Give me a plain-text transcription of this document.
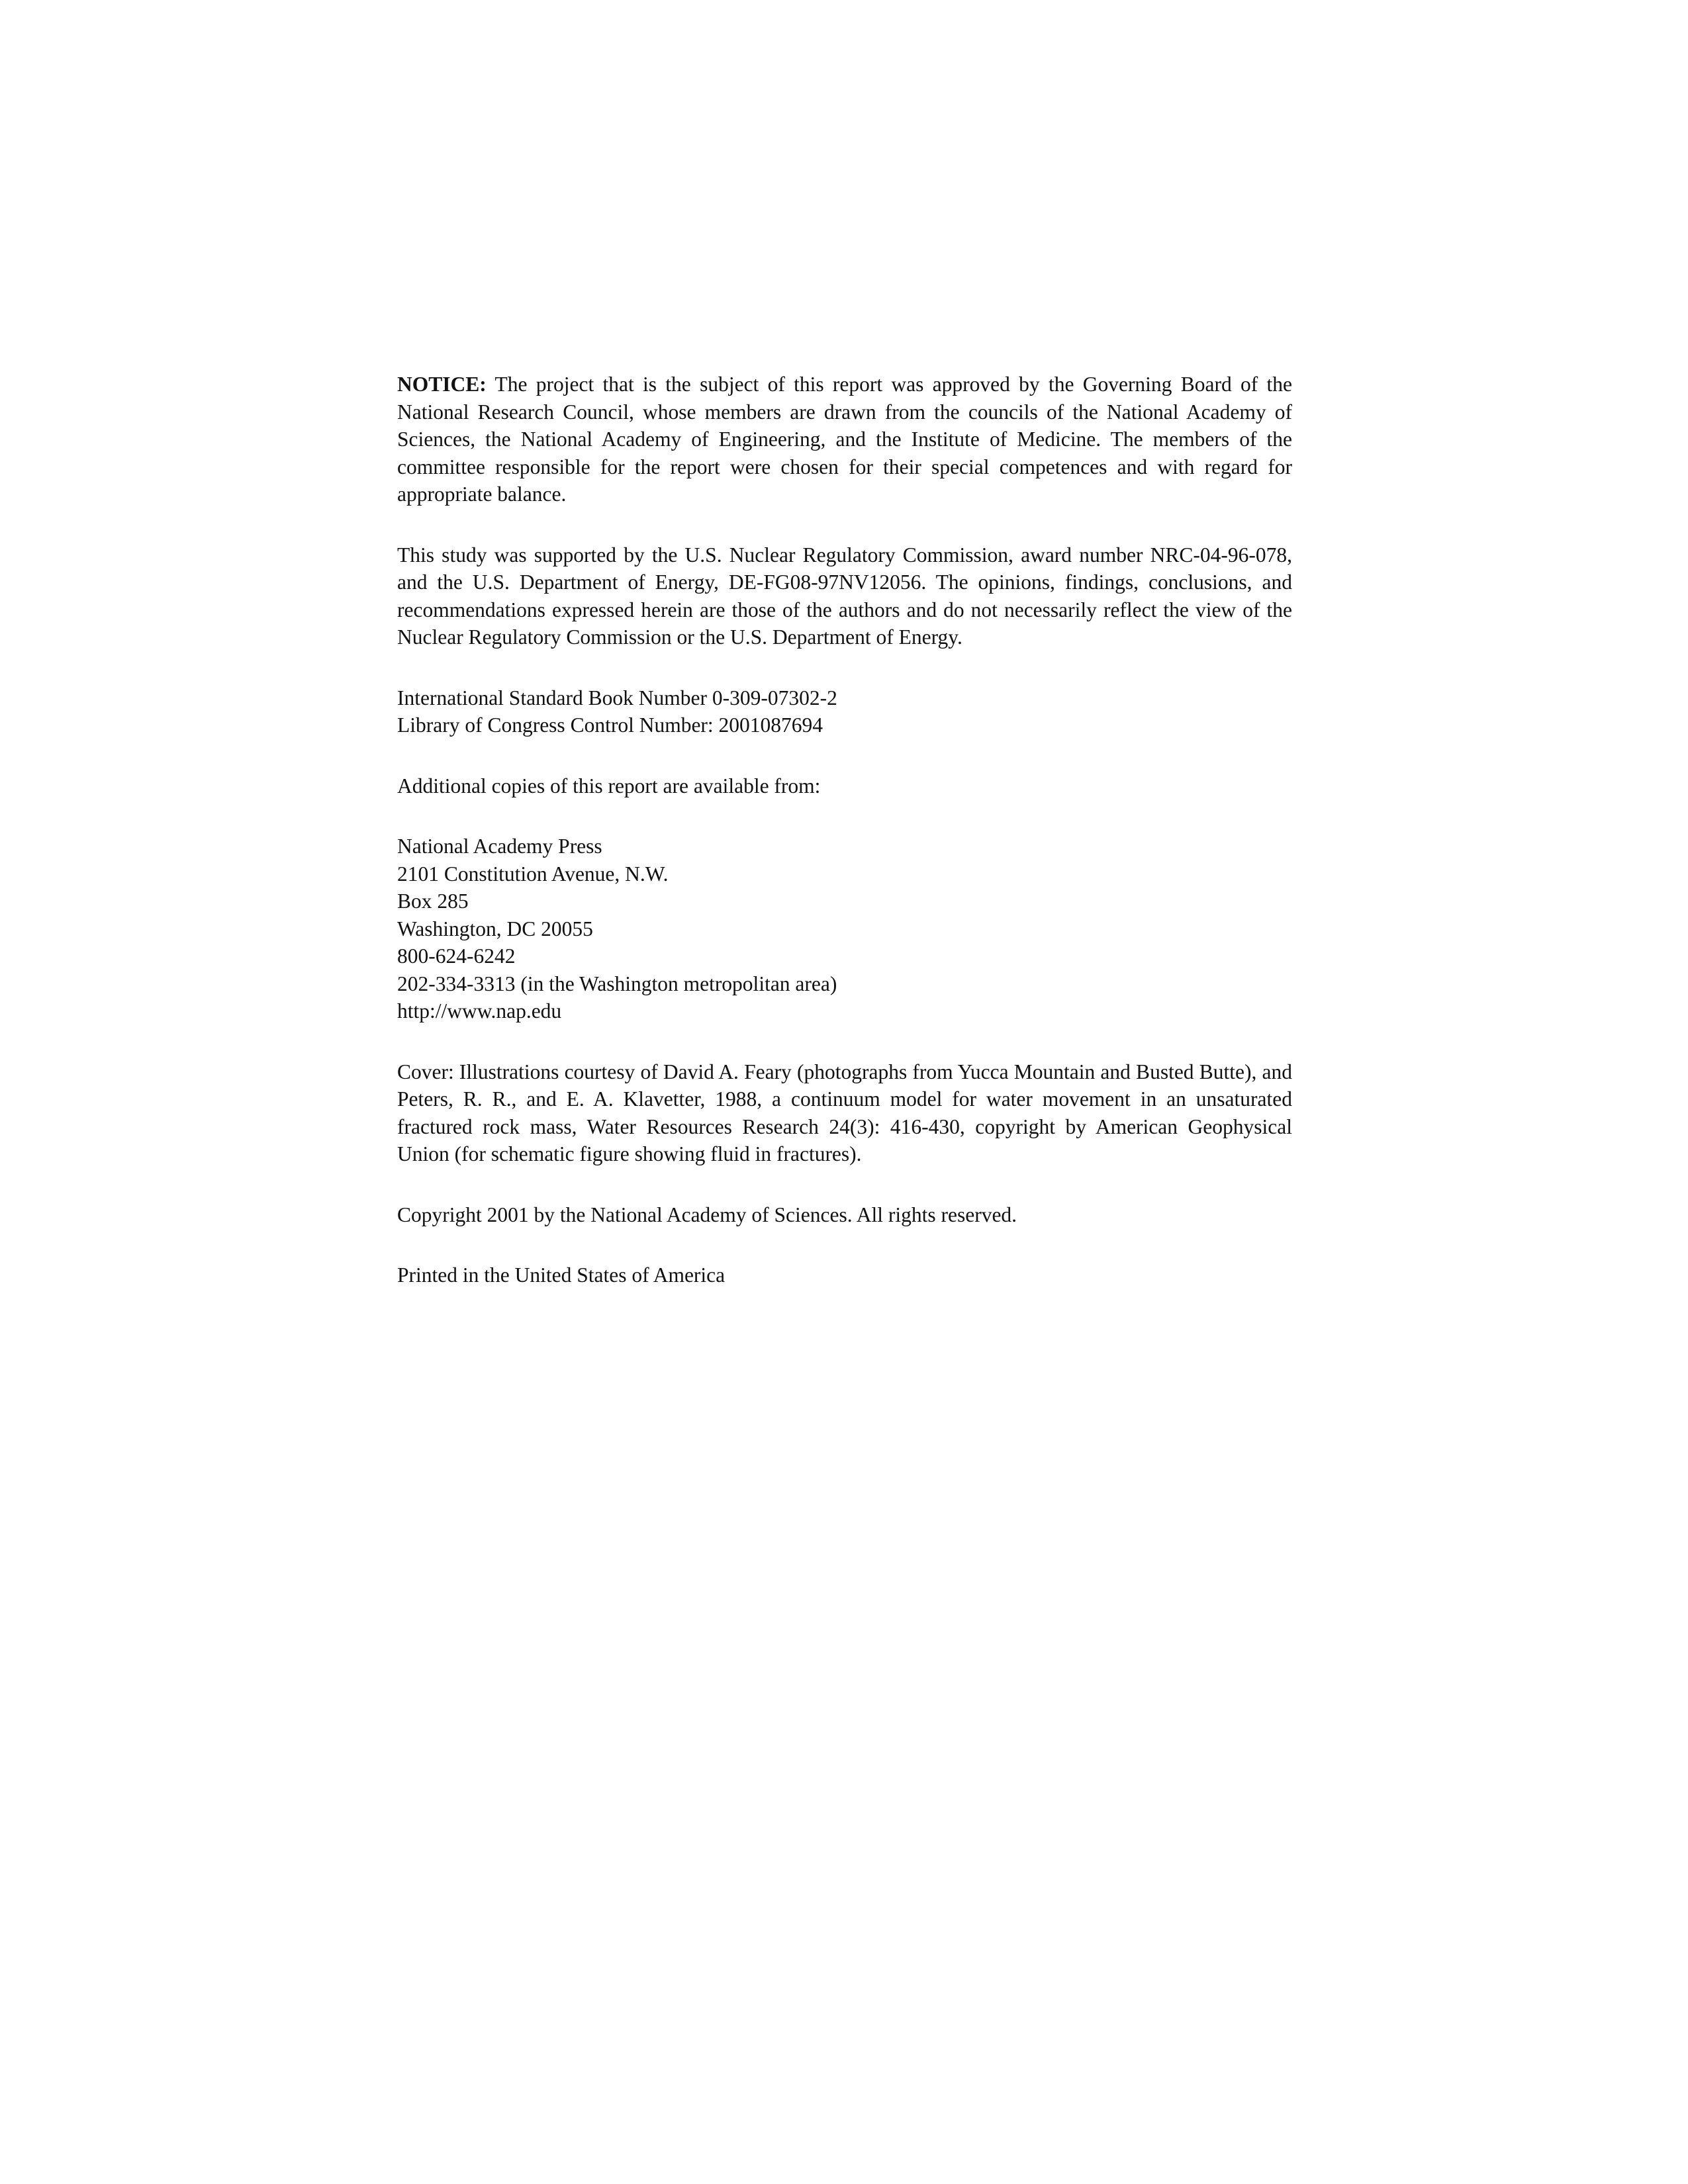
NOTICE: The project that is the subject of this report was approved by the Governing Board of the National Research Council, whose members are drawn from the councils of the National Academy of Sciences, the National Academy of Engineering, and the Institute of Medicine. The members of the committee responsible for the report were chosen for their special competences and with regard for appropriate balance.

This study was supported by the U.S. Nuclear Regulatory Commission, award number NRC-04-96-078, and the U.S. Department of Energy, DE-FG08-97NV12056. The opinions, findings, conclusions, and recommendations expressed herein are those of the authors and do not necessarily reflect the view of the Nuclear Regulatory Commission or the U.S. Department of Energy.

International Standard Book Number 0-309-07302-2
Library of Congress Control Number: 2001087694

Additional copies of this report are available from:

National Academy Press
2101 Constitution Avenue, N.W.
Box 285
Washington, DC 20055
800-624-6242
202-334-3313 (in the Washington metropolitan area)
http://www.nap.edu

Cover: Illustrations courtesy of David A. Feary (photographs from Yucca Mountain and Busted Butte), and Peters, R. R., and E. A. Klavetter, 1988, a continuum model for water movement in an unsaturated fractured rock mass, Water Resources Research 24(3): 416-430, copyright by American Geophysical Union (for schematic figure showing fluid in fractures).

Copyright 2001 by the National Academy of Sciences. All rights reserved.

Printed in the United States of America
